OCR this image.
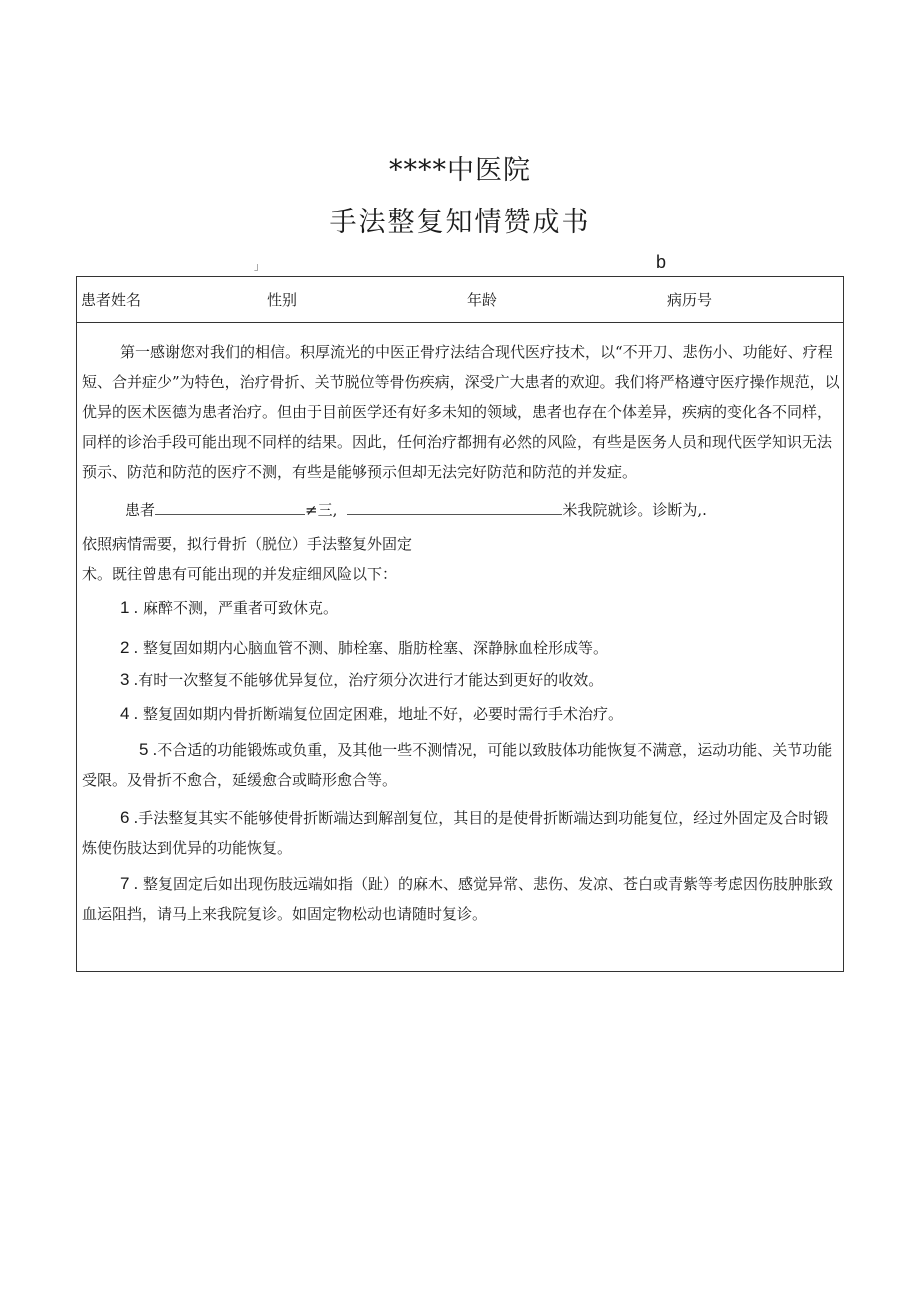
****中医院
手法整复知情赞成书
」	b
患者姓名	性别	年龄	病历号

第一感谢您对我们的相信。积厚流光的中医正骨疗法结合现代医疗技术，以“不开刀、悲伤小、功能好、疗程短、合并症少”为特色，治疗骨折、关节脱位等骨伤疾病，深受广大患者的欢迎。我们将严格遵守医疗操作规范，以优异的医术医德为患者治疗。但由于目前医学还有好多未知的领域，患者也存在个体差异，疾病的变化各不同样，同样的诊治手段可能出现不同样的结果。因此，任何治疗都拥有必然的风险，有些是医务人员和现代医学知识无法预示、防范和防范的医疗不测，有些是能够预示但却无法完好防范和防范的并发症。

患者	≠三,	米我院就诊。诊断为,.

依照病情需要，拟行骨折（脱位）手法整复外固定

术。既往曾患有可能出现的并发症细风险以下：

1 . 麻醉不测，严重者可致休克。

2 . 整复固如期内心脑血管不测、肺栓塞、脂肪栓塞、深静脉血栓形成等。

3 .有时一次整复不能够优异复位，治疗须分次进行才能达到更好的收效。

4 . 整复固如期内骨折断端复位固定困难，地址不好，必要时需行手术治疗。

5 .不合适的功能锻炼或负重，及其他一些不测情况，可能以致肢体功能恢复不满意，运动功能、关节功能受限。及骨折不愈合，延缓愈合或畸形愈合等。

6 .手法整复其实不能够使骨折断端达到解剖复位，其目的是使骨折断端达到功能复位，经过外固定及合时锻炼使伤肢达到优异的功能恢复。

7 . 整复固定后如出现伤肢远端如指（趾）的麻木、感觉异常、悲伤、发凉、苍白或青紫等考虑因伤肢肿胀致血运阻挡，请马上来我院复诊。如固定物松动也请随时复诊。
